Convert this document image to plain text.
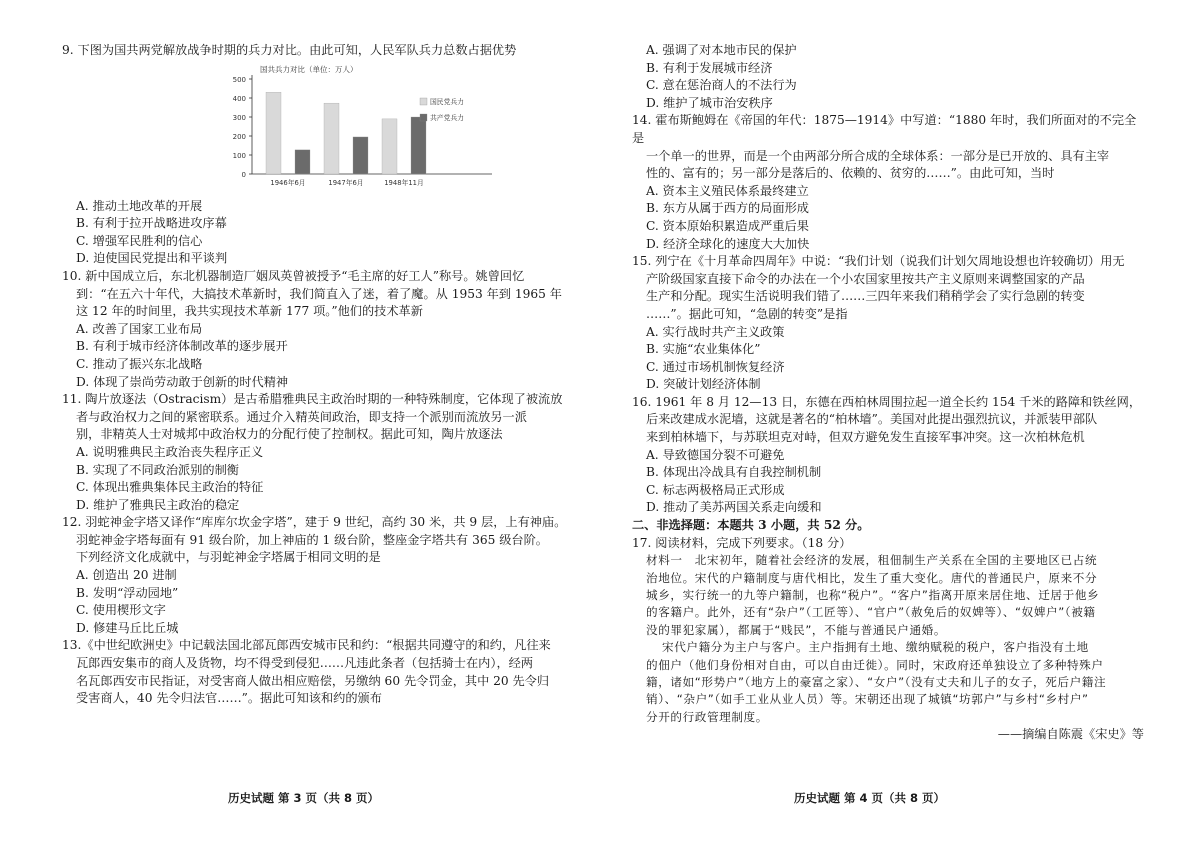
9. 下图为国共两党解放战争时期的兵力对比。由此可知，人民军队兵力总数占据优势

0
100
200
300
400
500
国共兵力对比（单位：万人）
1946年6月	1947年6月	1948年11月
国民党兵力
共产党兵力

A. 推动土地改革的开展

B. 有利于拉开战略进攻序幕

C. 增强军民胜利的信心

D. 迫使国民党提出和平谈判

10. 新中国成立后，东北机器制造厂姻凤英曾被授予“毛主席的好工人”称号。姚曾回忆

到：“在五六十年代，大搞技术革新时，我们简直入了迷，着了魔。从 1953 年到 1965 年

这 12 年的时间里，我共实现技术革新 177 项。”他们的技术革新

A. 改善了国家工业布局

B. 有利于城市经济体制改革的逐步展开

C. 推动了振兴东北战略

D. 体现了崇尚劳动敢于创新的时代精神

11. 陶片放逐法（Ostracism）是古希腊雅典民主政治时期的一种特殊制度，它体现了被流放

者与政治权力之间的紧密联系。通过介入精英间政治，即支持一个派别而流放另一派

别，非精英人士对城邦中政治权力的分配行使了控制权。据此可知，陶片放逐法

A. 说明雅典民主政治丧失程序正义

B. 实现了不同政治派别的制衡

C. 体现出雅典集体民主政治的特征

D. 维护了雅典民主政治的稳定

12. 羽蛇神金字塔又译作“库库尔坎金字塔”，建于 9 世纪，高约 30 米，共 9 层，上有神庙。

羽蛇神金字塔每面有 91 级台阶，加上神庙的 1 级台阶，整座金字塔共有 365 级台阶。

下列经济文化成就中，与羽蛇神金字塔属于相同文明的是

A. 创造出 20 进制

B. 发明“浮动园地”

C. 使用楔形文字

D. 修建马丘比丘城

13.《中世纪欧洲史》中记载法国北部瓦郎西安城市民和约：“根据共同遵守的和约，凡往来

瓦郎西安集市的商人及货物，均不得受到侵犯……凡违此条者（包括骑士在内），经两

名瓦郎西安市民指证，对受害商人做出相应赔偿，另缴纳 60 先令罚金，其中 20 先令归

受害商人，40 先令归法官……”。据此可知该和约的颁布

历史试题 第 3 页（共 8 页）

A. 强调了对本地市民的保护

B. 有利于发展城市经济

C. 意在惩治商人的不法行为

D. 维护了城市治安秩序

14. 霍布斯鲍姆在《帝国的年代：1875—1914》中写道：“1880 年时，我们所面对的不完全是

一个单一的世界，而是一个由两部分所合成的全球体系：一部分是已开放的、具有主宰

性的、富有的；另一部分是落后的、依赖的、贫穷的……”。由此可知，当时

A. 资本主义殖民体系最终建立

B. 东方从属于西方的局面形成

C. 资本原始积累造成严重后果

D. 经济全球化的速度大大加快

15. 列宁在《十月革命四周年》中说：“我们计划（说我们计划欠周地设想也许较确切）用无

产阶级国家直接下命令的办法在一个小农国家里按共产主义原则来调整国家的产品

生产和分配。现实生活说明我们错了……三四年来我们稍稍学会了实行急剧的转变

……”。据此可知，“急剧的转变”是指

A. 实行战时共产主义政策

B. 实施“农业集体化”

C. 通过市场机制恢复经济

D. 突破计划经济体制

16. 1961 年 8 月 12—13 日，东德在西柏林周围拉起一道全长约 154 千米的路障和铁丝网，

后来改建成水泥墙，这就是著名的“柏林墙”。美国对此提出强烈抗议，并派装甲部队

来到柏林墙下，与苏联坦克对峙，但双方避免发生直接军事冲突。这一次柏林危机

A. 导致德国分裂不可避免

B. 体现出冷战具有自我控制机制

C. 标志两极格局正式形成

D. 推动了美苏两国关系走向缓和

二、非选择题：本题共 3 小题，共 52 分。

17. 阅读材料，完成下列要求。（18 分）

材料一　北宋初年，随着社会经济的发展，租佃制生产关系在全国的主要地区已占统

治地位。宋代的户籍制度与唐代相比，发生了重大变化。唐代的普通民户，原来不分

城乡，实行统一的九等户籍制，也称“税户”。“客户”指离开原来居住地、迁居于他乡

的客籍户。此外，还有“杂户”（工匠等）、“官户”（赦免后的奴婢等）、“奴婢户”（被籍

没的罪犯家属），都属于“贱民”，不能与普通民户通婚。

宋代户籍分为主户与客户。主户指拥有土地、缴纳赋税的税户，客户指没有土地

的佃户（他们身份相对自由，可以自由迁徙）。同时，宋政府还单独设立了多种特殊户

籍，诸如“形势户”（地方上的豪富之家）、“女户”（没有丈夫和儿子的女子，死后户籍注

销）、“杂户”（如手工业从业人员）等。宋朝还出现了城镇“坊郭户”与乡村“乡村户”

分开的行政管理制度。

——摘编自陈震《宋史》等

历史试题 第 4 页（共 8 页）
